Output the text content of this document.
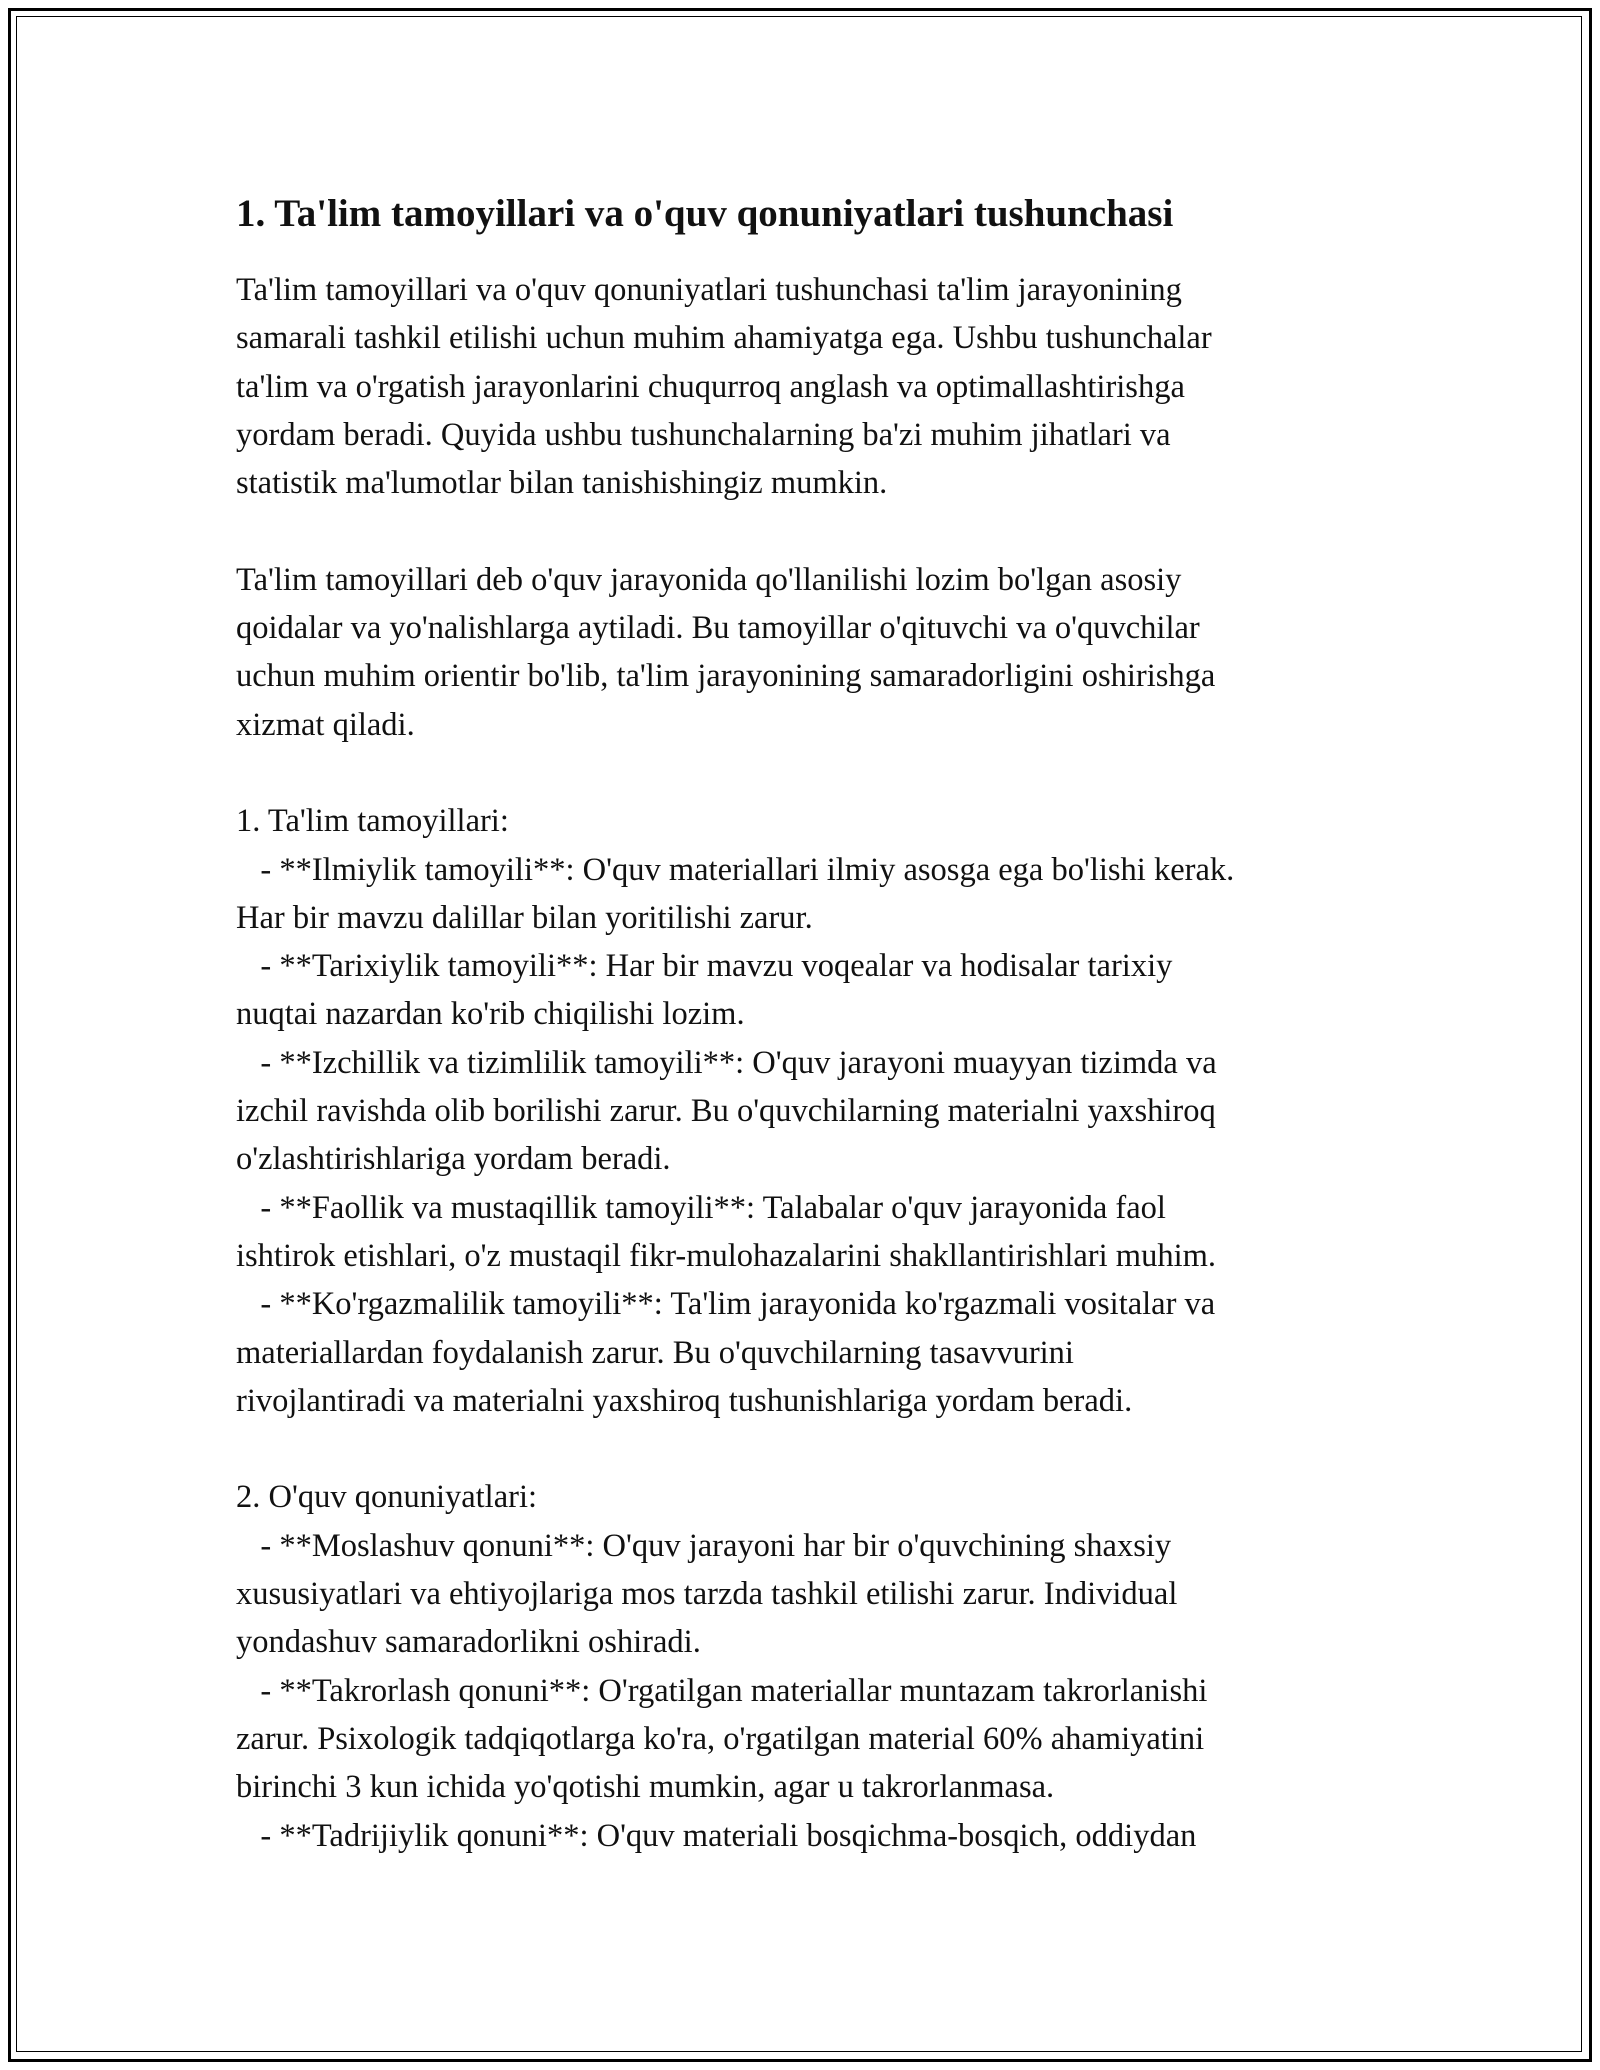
1. Ta'lim tamoyillari va o'quv qonuniyatlari tushunchasi
Ta'lim tamoyillari va o'quv qonuniyatlari tushunchasi ta'lim jarayonining
samarali tashkil etilishi uchun muhim ahamiyatga ega. Ushbu tushunchalar
ta'lim va o'rgatish jarayonlarini chuqurroq anglash va optimallashtirishga
yordam beradi. Quyida ushbu tushunchalarning ba'zi muhim jihatlari va
statistik ma'lumotlar bilan tanishishingiz mumkin.
Ta'lim tamoyillari deb o'quv jarayonida qo'llanilishi lozim bo'lgan asosiy
qoidalar va yo'nalishlarga aytiladi. Bu tamoyillar o'qituvchi va o'quvchilar
uchun muhim orientir bo'lib, ta'lim jarayonining samaradorligini oshirishga
xizmat qiladi.
1. Ta'lim tamoyillari:
- **Ilmiylik tamoyili**: O'quv materiallari ilmiy asosga ega bo'lishi kerak.
Har bir mavzu dalillar bilan yoritilishi zarur.
- **Tarixiylik tamoyili**: Har bir mavzu voqealar va hodisalar tarixiy
nuqtai nazardan ko'rib chiqilishi lozim.
- **Izchillik va tizimlilik tamoyili**: O'quv jarayoni muayyan tizimda va
izchil ravishda olib borilishi zarur. Bu o'quvchilarning materialni yaxshiroq
o'zlashtirishlariga yordam beradi.
- **Faollik va mustaqillik tamoyili**: Talabalar o'quv jarayonida faol
ishtirok etishlari, o'z mustaqil fikr-mulohazalarini shakllantirishlari muhim.
- **Ko'rgazmalilik tamoyili**: Ta'lim jarayonida ko'rgazmali vositalar va
materiallardan foydalanish zarur. Bu o'quvchilarning tasavvurini
rivojlantiradi va materialni yaxshiroq tushunishlariga yordam beradi.
2. O'quv qonuniyatlari:
- **Moslashuv qonuni**: O'quv jarayoni har bir o'quvchining shaxsiy
xususiyatlari va ehtiyojlariga mos tarzda tashkil etilishi zarur. Individual
yondashuv samaradorlikni oshiradi.
- **Takrorlash qonuni**: O'rgatilgan materiallar muntazam takrorlanishi
zarur. Psixologik tadqiqotlarga ko'ra, o'rgatilgan material 60% ahamiyatini
birinchi 3 kun ichida yo'qotishi mumkin, agar u takrorlanmasa.
- **Tadrijiylik qonuni**: O'quv materiali bosqichma-bosqich, oddiydan
